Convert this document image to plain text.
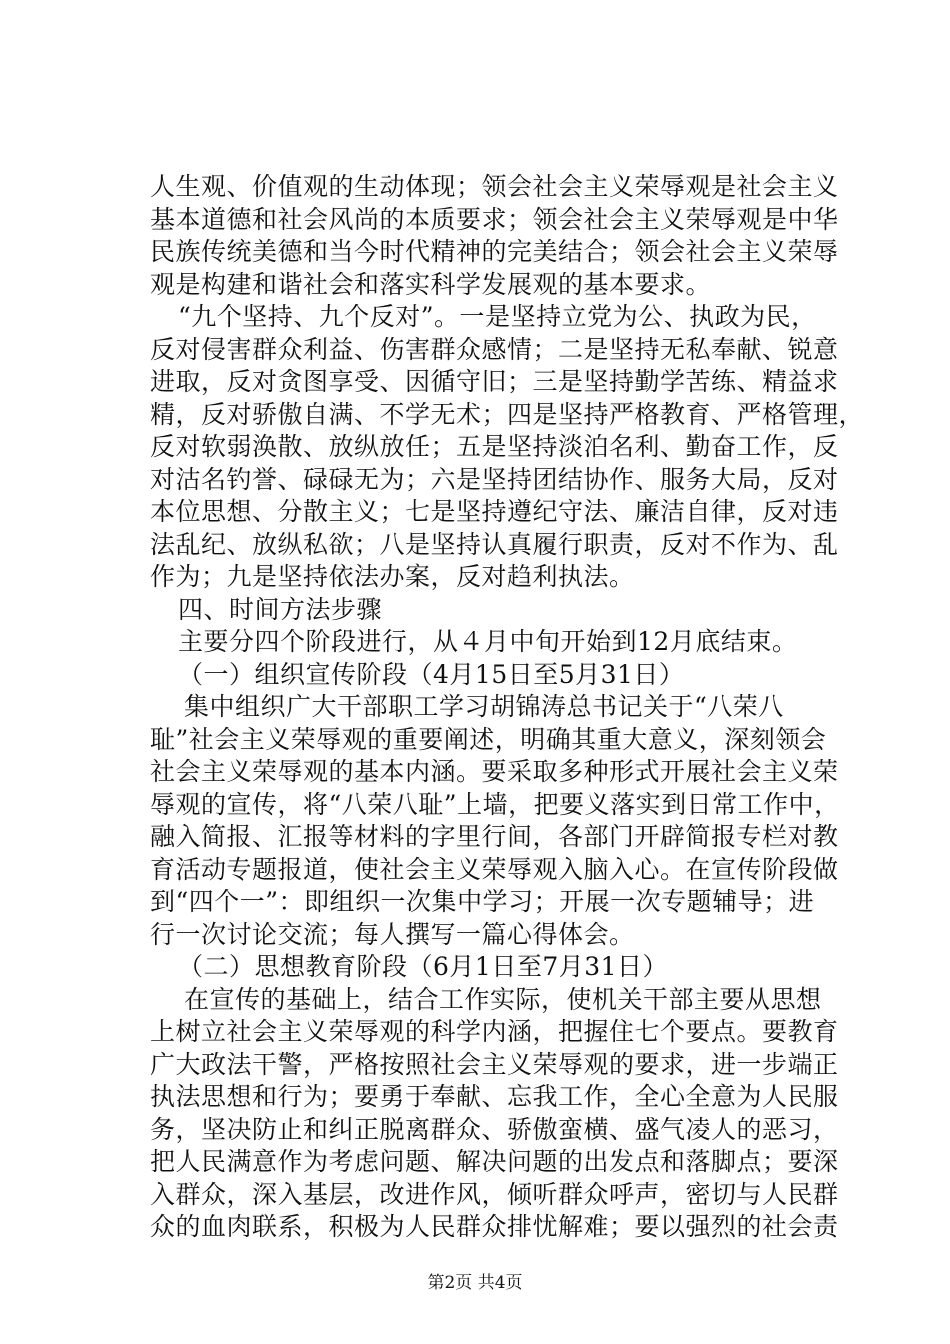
人生观、价值观的生动体现；领会社会主义荣辱观是社会主义
基本道德和社会风尚的本质要求；领会社会主义荣辱观是中华
民族传统美德和当今时代精神的完美结合；领会社会主义荣辱
观是构建和谐社会和落实科学发展观的基本要求。
“九个坚持、九个反对”。一是坚持立党为公、执政为民，
反对侵害群众利益、伤害群众感情；二是坚持无私奉献、锐意
进取，反对贪图享受、因循守旧；三是坚持勤学苦练、精益求
精，反对骄傲自满、不学无术；四是坚持严格教育、严格管理，
反对软弱涣散、放纵放任；五是坚持淡泊名利、勤奋工作，反
对沽名钓誉、碌碌无为；六是坚持团结协作、服务大局，反对
本位思想、分散主义；七是坚持遵纪守法、廉洁自律，反对违
法乱纪、放纵私欲；八是坚持认真履行职责，反对不作为、乱
作为；九是坚持依法办案，反对趋利执法。
四、时间方法步骤
主要分四个阶段进行，从４月中旬开始到12月底结束。
（一）组织宣传阶段（4月15日至5月31日）
集中组织广大干部职工学习胡锦涛总书记关于“八荣八
耻”社会主义荣辱观的重要阐述，明确其重大意义，深刻领会
社会主义荣辱观的基本内涵。要采取多种形式开展社会主义荣
辱观的宣传，将“八荣八耻”上墙，把要义落实到日常工作中，
融入简报、汇报等材料的字里行间，各部门开辟简报专栏对教
育活动专题报道，使社会主义荣辱观入脑入心。在宣传阶段做
到“四个一”：即组织一次集中学习；开展一次专题辅导；进
行一次讨论交流；每人撰写一篇心得体会。
（二）思想教育阶段（6月1日至7月31日）
在宣传的基础上，结合工作实际，使机关干部主要从思想
上树立社会主义荣辱观的科学内涵，把握住七个要点。要教育
广大政法干警，严格按照社会主义荣辱观的要求，进一步端正
执法思想和行为；要勇于奉献、忘我工作，全心全意为人民服
务，坚决防止和纠正脱离群众、骄傲蛮横、盛气凌人的恶习，
把人民满意作为考虑问题、解决问题的出发点和落脚点；要深
入群众，深入基层，改进作风，倾听群众呼声，密切与人民群
众的血肉联系，积极为人民群众排忧解难；要以强烈的社会责
第2页 共4页
